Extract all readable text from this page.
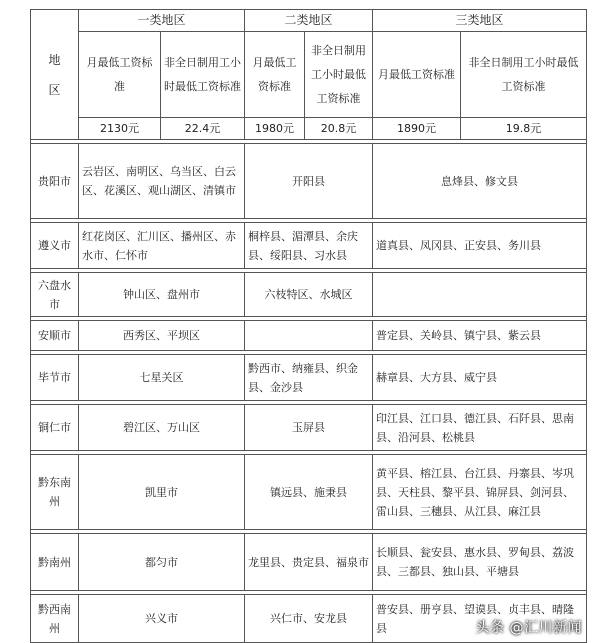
地
区	一类地区		二类地区		三类地区	
	月最低工资标准	非全日制用工小时最低工资标准	月最低工资标准	非全日制用工小时最低工资标准	月最低工资标准	非全日制用工小时最低工资标准
	2130元	22.4元	1980元	20.8元	1890元	19.8元

贵阳市	云岩区、南明区、乌当区、白云区、花溪区、观山湖区、清镇市		开阳县		息烽县、修文县	

遵义市	红花岗区、汇川区、播州区、赤水市、仁怀市		桐梓县、湄潭县、余庆县、绥阳县、习水县		道真县、凤冈县、正安县、务川县	

六盘水市	钟山区、盘州市		六枝特区、水城区			

安顺市	西秀区、平坝区				普定县、关岭县、镇宁县、紫云县	

毕节市	七星关区		黔西市、纳雍县、织金县、金沙县		赫章县、大方县、威宁县	

铜仁市	碧江区、万山区		玉屏县		印江县、江口县、德江县、石阡县、思南县、沿河县、松桃县	

黔东南州	凯里市		镇远县、施秉县		黄平县、榕江县、台江县、丹寨县、岑巩县、天柱县、黎平县、锦屏县、剑河县、雷山县、三穗县、从江县、麻江县	

黔南州	都匀市		龙里县、贵定县、福泉市		长顺县、瓮安县、惠水县、罗甸县、荔波县、三都县、独山县、平塘县	

黔西南州	兴义市		兴仁市、安龙县		普安县、册亨县、望谟县、贞丰县、晴隆县		头条 @汇川新闻
